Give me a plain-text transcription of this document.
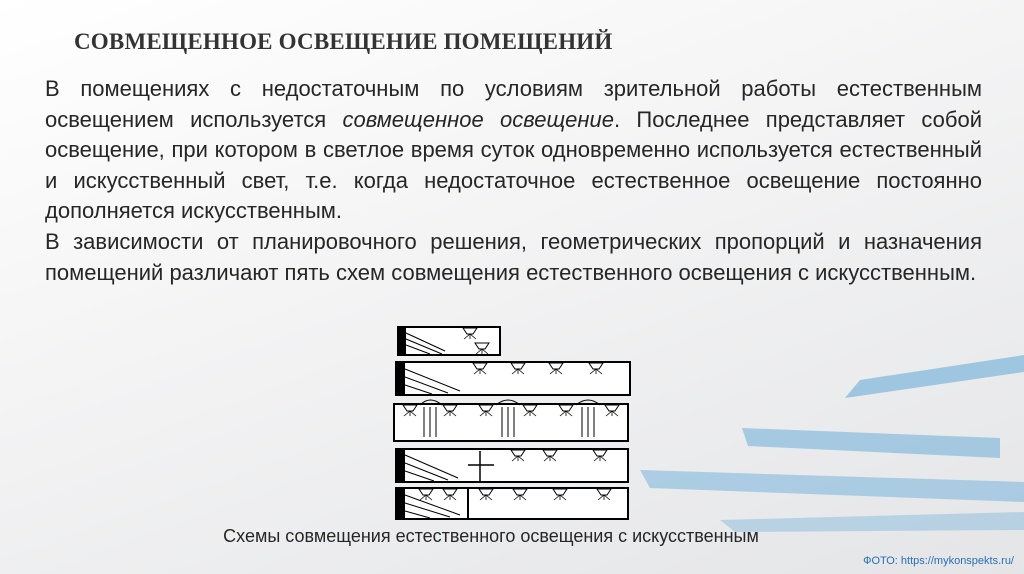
СОВМЕЩЕННОЕ ОСВЕЩЕНИЕ ПОМЕЩЕНИЙ

В помещениях с недостаточным по условиям зрительной работы естественным освещением используется совмещенное освещение. Последнее представляет собой освещение, при котором в светлое время суток одновременно используется естественный и искусственный свет, т.е. когда недостаточное естественное освещение постоянно дополняется искусственным.

В зависимости от планировочного решения, геометрических пропорций и назначения помещений различают пять схем совмещения естественного освещения с искусственным.

Схемы совмещения естественного освещения с искусственным
ФОТО: https://mykonspekts.ru/
